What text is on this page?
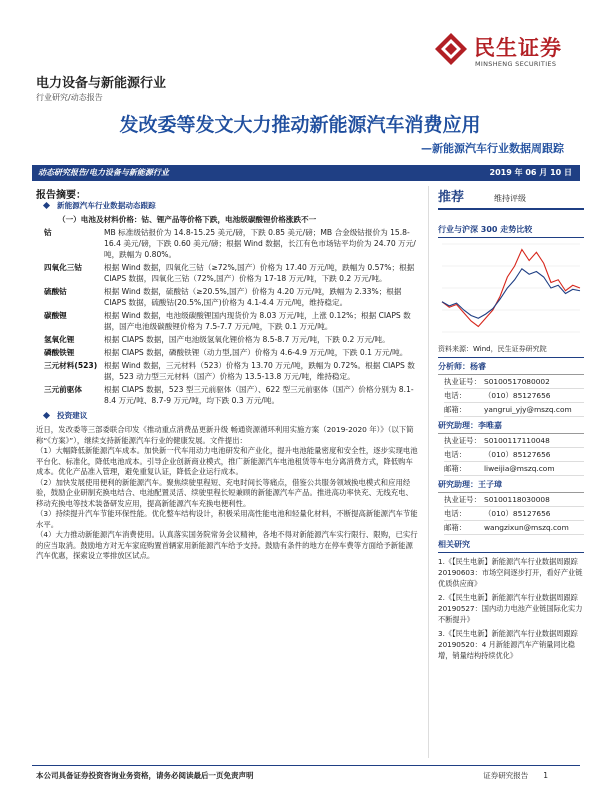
电力设备与新能源行业
行业研究/动态报告
民生证券
MINSHENG SECURITIES
发改委等发文大力推动新能源汽车消费应用
—新能源汽车行业数据周跟踪
动态研究报告/电力设备与新能源行业	2019 年 06 月 10 日
报告摘要：
新能源汽车行业数据动态跟踪
（一）电池及材料价格：钴、锂产品等价格下跌，电池级碳酸锂价格涨跌不一
钴	MB 标准级钴报价为 14.8-15.25 美元/磅，下跌 0.85 美元/磅；MB 合金级钴报价为 15.8-16.4 美元/磅，下跌 0.60 美元/磅；根据 Wind 数据，长江有色市场钴平均价为 24.70 万元/吨，跌幅为 0.80%。
四氧化三钴	根据 Wind 数据，四氧化三钴（≥72%,国产）价格为 17.40 万元/吨，跌幅为 0.57%；根据 CIAPS 数据，四氧化三钴（72%,国产）价格为 17-18 万元/吨，下跌 0.2 万元/吨。
硫酸钴	根据 Wind 数据，硫酸钴（≥20.5%,国产）价格为 4.20 万元/吨，跌幅为 2.33%；根据 CIAPS 数据，硫酸钴(20.5%,国产)价格为 4.1-4.4 万元/吨，维持稳定。
碳酸锂	根据 Wind 数据，电池级碳酸锂国内现货价为 8.03 万元/吨，上涨 0.12%；根据 CIAPS 数据，国产电池级碳酸锂价格为 7.5-7.7 万元/吨，下跌 0.1 万元/吨。
氢氧化锂	根据 CIAPS 数据，国产电池级氢氧化锂价格为 8.5-8.7 万元/吨，下跌 0.2 万元/吨。
磷酸铁锂	根据 CIAPS 数据，磷酸铁锂（动力型,国产）价格为 4.6-4.9 万元/吨，下跌 0.1 万元/吨。
三元材料(523) 根据 Wind 数据，三元材料（523）价格为 13.70 万元/吨，跌幅为 0.72%。根据 CIAPS 数据，523 动力型三元材料（国产）价格为 13.5-13.8 万元/吨，维持稳定。
三元前驱体	根据 CIAPS 数据，523 型三元前驱体（国产）、622 型三元前驱体（国产）价格分别为 8.1-8.4 万元/吨、8.7-9 万元/吨，均下跌 0.3 万元/吨。
投资建议

近日，发改委等三部委联合印发《推动重点消费品更新升级 畅通资源循环利用实施方案（2019-2020 年）》（以下简称“《方案》”），继续支持新能源汽车行业的健康发展。文件提出：

（1）大幅降低新能源汽车成本。加快新一代车用动力电池研发和产业化，提升电池能量密度和安全性，逐步实现电池平台化、标准化，降低电池成本。引导企业创新商业模式，推广新能源汽车电池租赁等车电分离消费方式，降低购车成本。优化产品准入管理，避免重复认证，降低企业运行成本。

（2）加快发展使用便利的新能源汽车。聚焦续驶里程短、充电时间长等痛点，借鉴公共服务领域换电模式和应用经验，鼓励企业研制充换电结合、电池配置灵活、续驶里程长短兼顾的新能源汽车产品。推进高功率快充、无线充电、移动充换电等技术装备研发应用，提高新能源汽车充换电便利性。

（3）持续提升汽车节能环保性能。优化整车结构设计，积极采用高性能电池和轻量化材料，不断提高新能源汽车节能水平。

（4）大力推动新能源汽车消费使用。认真落实国务院常务会议精神，各地不得对新能源汽车实行限行、限购，已实行的应当取消。鼓励地方对无车家庭购置首辆家用新能源汽车给予支持。鼓励有条件的地方在停车费等方面给予新能源汽车优惠，探索设立零排放区试点。

推荐	维持评级
行业与沪深 300 走势比较
资料来源：Wind，民生证券研究院
分析师：杨睿
执业证号： S0100517080002
电话：	（010）85127656
邮箱：	yangrui_yjy@mszq.com
研究助理：李唯嘉
执业证号： S0100117110048
电话：	（010）85127656
邮箱：	liweijia@mszq.com
研究助理：王子璋
执业证号： S0100118030008
电话：	（010）85127656
邮箱：	wangzixun@mszq.com
相关研究
1.《【民生电新】新能源汽车行业数据周跟踪 20190603：市场空间逐步打开，看好产业链优质供应商》
2.《【民生电新】新能源汽车行业数据周跟踪 20190527：国内动力电池产业链国际化实力不断提升》
3.《【民生电新】新能源汽车行业数据周跟踪 20190520：4 月新能源汽车产销量同比稳增，销量结构持续优化》
本公司具备证券投资咨询业务资格，请务必阅读最后一页免责声明	证券研究报告　　1
